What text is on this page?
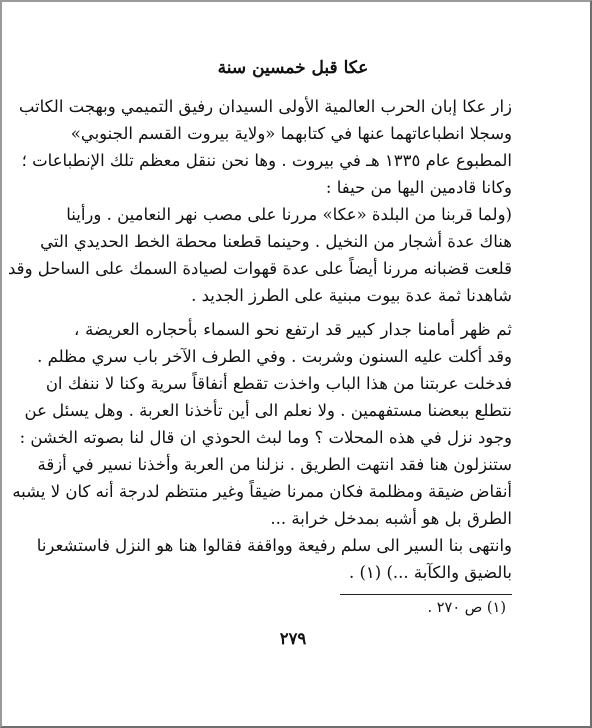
عكا قبل خمسين سنة
زار عكا إبان الحرب العالمية الأولى السيدان رفيق التميمي وبهجت الكاتب
وسجلا انطباعاتهما عنها في كتابهما «ولاية بيروت القسم الجنوبي»
المطبوع عام ١٣٣٥ هـ في بيروت . وها نحن ننقل معظم تلك الإنطباعات ؛
وكانا قادمين اليها من حيفا :
(ولما قربنا من البلدة «عكا» مررنا على مصب نهر النعامين . ورأينا
هناك عدة أشجار من النخيل . وحينما قطعنا محطة الخط الحديدي التي
قلعت قضبانه مررنا أيضاً على عدة قهوات لصيادة السمك على الساحل وقد
شاهدنا ثمة عدة بيوت مبنية على الطرز الجديد .
ثم ظهر أمامنا جدار كبير قد ارتفع نحو السماء بأحجاره العريضة ،
وقد أكلت عليه السنون وشربت . وفي الطرف الآخر باب سري مظلم .
فدخلت عربتنا من هذا الباب واخذت تقطع أنفاقاً سرية وكنا لا ننفك ان
نتطلع ببعضنا مستفهمين . ولا نعلم الى أين تأخذنا العربة . وهل يسئل عن
وجود نزل في هذه المحلات ؟ وما لبث الحوذي ان قال لنا بصوته الخشن :
ستنزلون هنا فقد انتهت الطريق . نزلنا من العربة وأخذنا نسير في أزقة
أنقاض ضيقة ومظلمة فكان ممرنا ضيقاً وغير منتظم لدرجة أنه كان لا يشبه
الطرق بل هو أشبه بمدخل خرابة ...
وانتهى بنا السير الى سلم رفيعة وواقفة فقالوا هنا هو النزل فاستشعرنا
بالضيق والكآبة ...) (١) .
(١) ص ٢٧٠ .
٢٧٩
